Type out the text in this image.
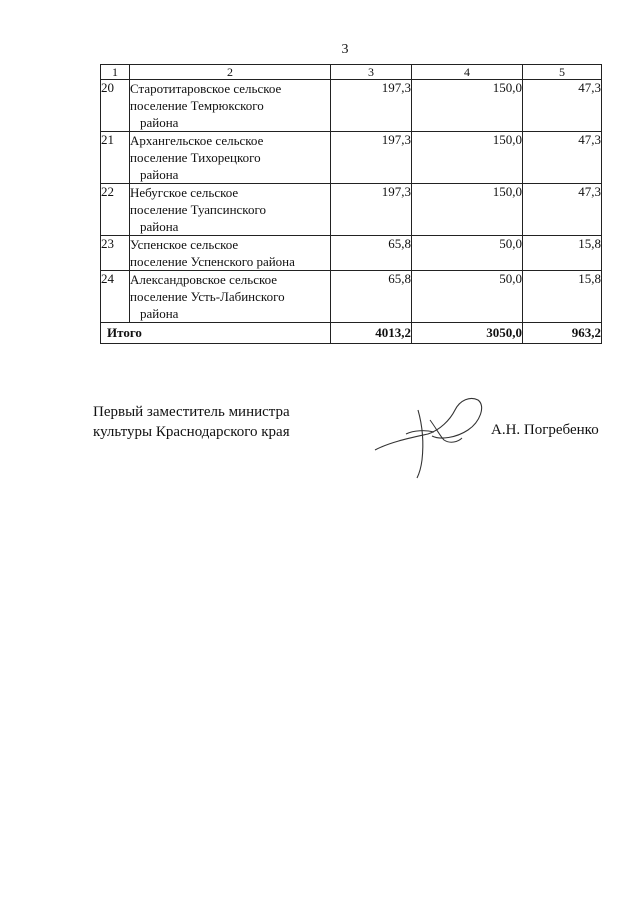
3
1	2	3	4	5
20	Старотитаровское сельское
поселение Темрюкского
района	197,3	150,0	47,3
21	Архангельское сельское
поселение Тихорецкого
района	197,3	150,0	47,3
22	Небугское сельское
поселение Туапсинского
района	197,3	150,0	47,3
23	Успенское сельское
поселение Успенского района	65,8	50,0	15,8
24	Александровское сельское
поселение Усть-Лабинского
района	65,8	50,0	15,8
Итого		4013,2	3050,0	963,2
Первый заместитель министра
культуры Краснодарского края	А.Н. Погребенко
